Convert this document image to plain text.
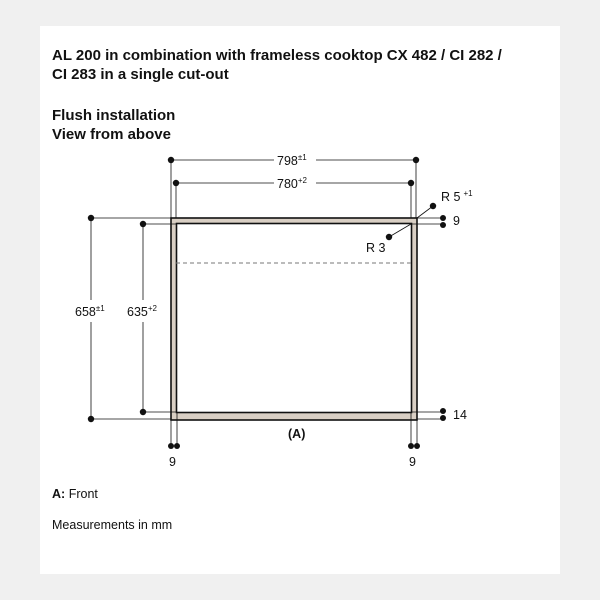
AL 200 in combination with frameless cooktop CX 482 / CI 282 /
CI 283 in a single cut-out
Flush installation
View from above
A: Front
Measurements in mm
$798^{\pm 1}$
$780^{+2}$
$658^{\pm 1}$ $635^{+2}$
R 5 $^{+1}$
R 3
9
14
9	9
(A)
